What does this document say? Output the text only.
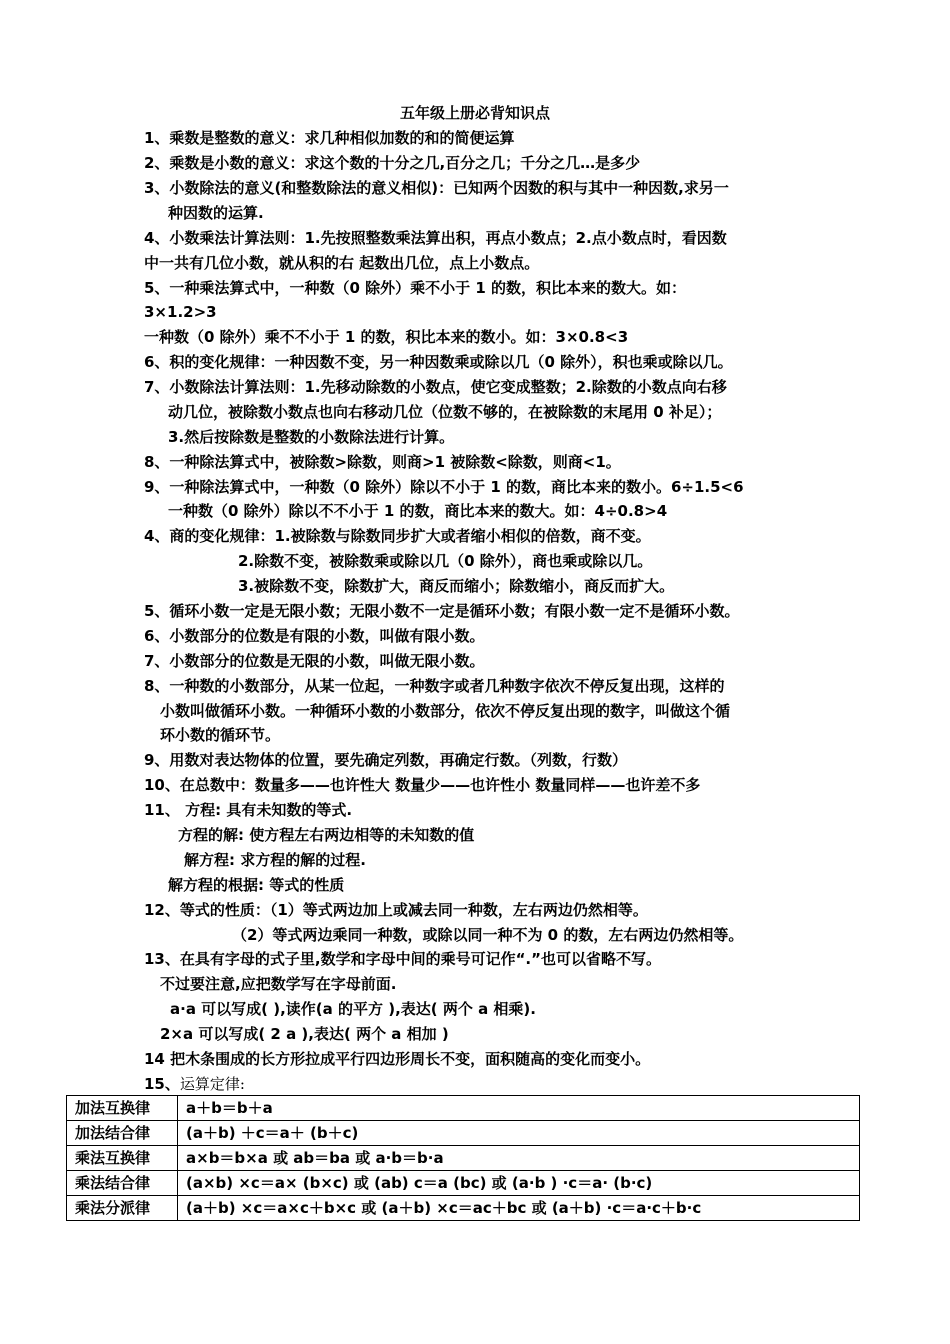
五年级上册必背知识点
1、乘数是整数的意义：求几种相似加数的和的简便运算
2、乘数是小数的意义：求这个数的十分之几,百分之几；千分之几…是多少
3、小数除法的意义(和整数除法的意义相似)：已知两个因数的积与其中一种因数,求另一
种因数的运算.
4、小数乘法计算法则：1.先按照整数乘法算出积，再点小数点；2.点小数点时，看因数
中一共有几位小数，就从积的右 起数出几位，点上小数点。
5、一种乘法算式中，一种数（0 除外）乘不小于 1 的数，积比本来的数大。如：
3×1.2>3
一种数（0 除外）乘不不小于 1 的数，积比本来的数小。如：3×0.8<3
6、积的变化规律：一种因数不变，另一种因数乘或除以几（0 除外），积也乘或除以几。
7、小数除法计算法则：1.先移动除数的小数点，使它变成整数；2.除数的小数点向右移
动几位，被除数小数点也向右移动几位（位数不够的，在被除数的末尾用 0 补足）；
3.然后按除数是整数的小数除法进行计算。
8、一种除法算式中，被除数>除数，则商>1 被除数<除数，则商<1。
9、一种除法算式中，一种数（0 除外）除以不小于 1 的数，商比本来的数小。6÷1.5<6
一种数（0 除外）除以不不小于 1 的数，商比本来的数大。如：4÷0.8>4
4、商的变化规律：1.被除数与除数同步扩大或者缩小相似的倍数，商不变。
2.除数不变，被除数乘或除以几（0 除外），商也乘或除以几。
3.被除数不变，除数扩大，商反而缩小；除数缩小，商反而扩大。
5、循环小数一定是无限小数；无限小数不一定是循环小数；有限小数一定不是循环小数。
6、小数部分的位数是有限的小数，叫做有限小数。
7、小数部分的位数是无限的小数，叫做无限小数。
8、一种数的小数部分，从某一位起，一种数字或者几种数字依次不停反复出现，这样的
小数叫做循环小数。一种循环小数的小数部分，依次不停反复出现的数字，叫做这个循
环小数的循环节。
9、用数对表达物体的位置，要先确定列数，再确定行数。（列数，行数）
10、在总数中：数量多——也许性大 数量少——也许性小 数量同样——也许差不多
11、 方程: 具有未知数的等式.
方程的解: 使方程左右两边相等的未知数的值
解方程: 求方程的解的过程.
解方程的根据: 等式的性质
12、等式的性质：（1）等式两边加上或减去同一种数，左右两边仍然相等。
（2）等式两边乘同一种数，或除以同一种不为 0 的数，左右两边仍然相等。
13、在具有字母的式子里,数学和字母中间的乘号可记作“.”也可以省略不写。
不过要注意,应把数学写在字母前面.
a·a 可以写成( ),读作(a 的平方 ),表达( 两个 a 相乘).
2×a 可以写成( 2 a ),表达( 两个 a 相加 )
14 把木条围成的长方形拉成平行四边形周长不变，面积随高的变化而变小。
15、运算定律:
加法互换律	a＋b＝b＋a
加法结合律	(a＋b) ＋c＝a＋ (b＋c)
乘法互换律	a×b＝b×a 或 ab＝ba 或 a·b＝b·a
乘法结合律	(a×b) ×c＝a× (b×c) 或 (ab) c＝a (bc) 或 (a·b ) ·c＝a· (b·c)
乘法分派律	(a＋b) ×c＝a×c＋b×c 或 (a＋b) ×c＝ac＋bc 或 (a＋b) ·c＝a·c＋b·c
